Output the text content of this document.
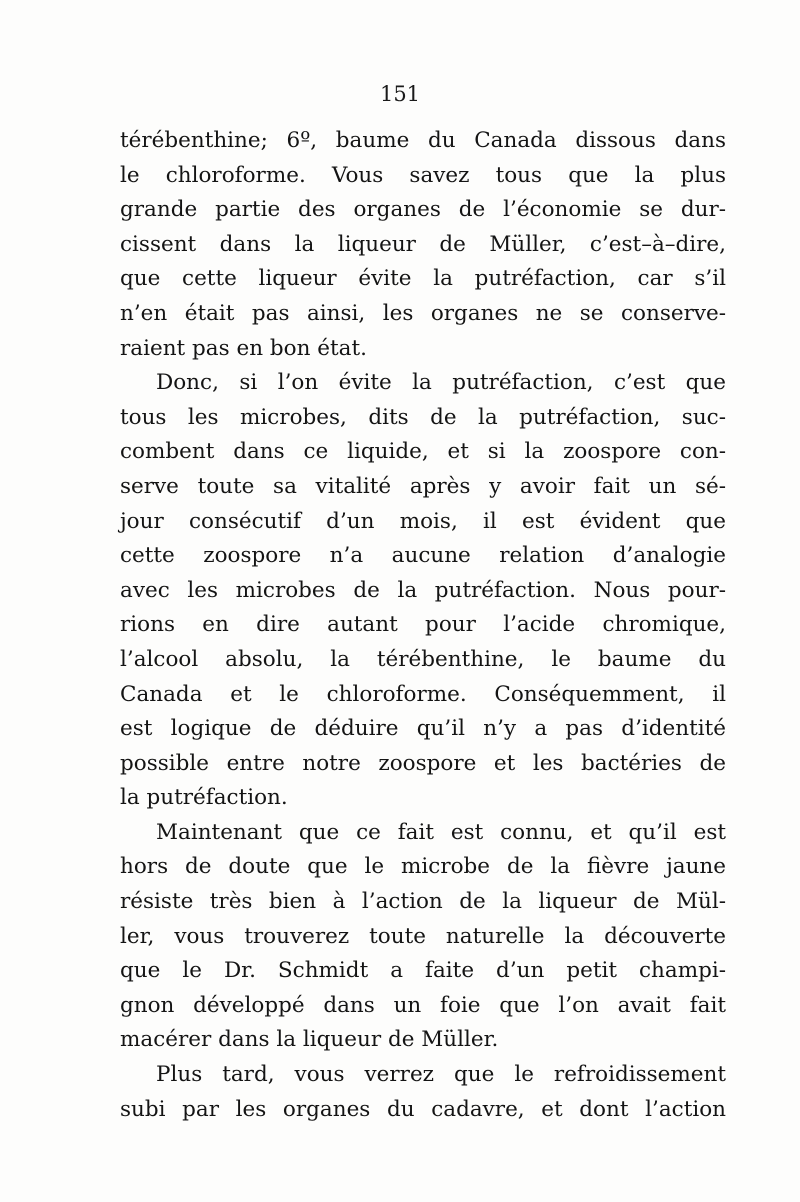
151
térébenthine; 6º, baume du Canada dissous dans
le chloroforme. Vous savez tous que la plus
grande partie des organes de l’économie se dur-
cissent dans la liqueur de Müller, c’est–à–dire,
que cette liqueur évite la putréfaction, car s’il
n’en était pas ainsi, les organes ne se conserve-
raient pas en bon état.
Donc, si l’on évite la putréfaction, c’est que
tous les microbes, dits de la putréfaction, suc-
combent dans ce liquide, et si la zoospore con-
serve toute sa vitalité après y avoir fait un sé-
jour consécutif d’un mois, il est évident que
cette zoospore n’a aucune relation d’analogie
avec les microbes de la putréfaction. Nous pour-
rions en dire autant pour l’acide chromique,
l’alcool absolu, la térébenthine, le baume du
Canada et le chloroforme. Conséquemment, il
est logique de déduire qu’il n’y a pas d’identité
possible entre notre zoospore et les bactéries de
la putréfaction.
Maintenant que ce fait est connu, et qu’il est
hors de doute que le microbe de la fièvre jaune
résiste très bien à l’action de la liqueur de Mül-
ler, vous trouverez toute naturelle la découverte
que le Dr. Schmidt a faite d’un petit champi-
gnon développé dans un foie que l’on avait fait
macérer dans la liqueur de Müller.
Plus tard, vous verrez que le refroidissement
subi par les organes du cadavre, et dont l’action
